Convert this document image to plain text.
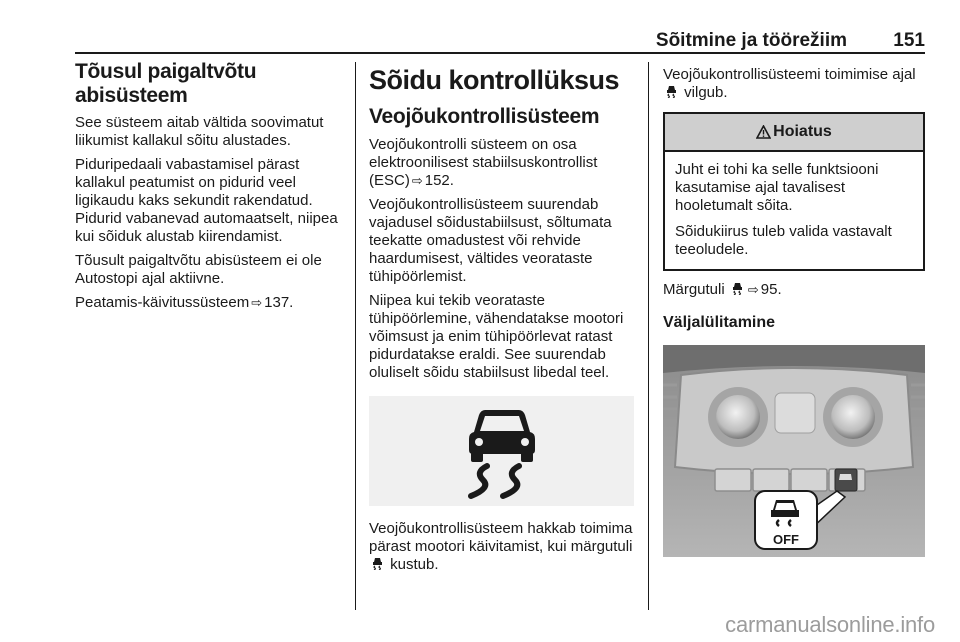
Sõitmine ja töörežiim 151
Tõusul paigaltvõtu
abisüsteem

See süsteem aitab vältida soovimatut liikumist kallakul sõitu alustades.

Piduripedaali vabastamisel pärast kallakul peatumist on pidurid veel ligikaudu kaks sekundit rakendatud. Pidurid vabanevad automaatselt, niipea kui sõiduk alustab kiirendamist.

Tõusult paigaltvõtu abisüsteem ei ole Autostopi ajal aktiivne.

Peatamis-käivitussüsteem ⇨ 137.

Sõidu kontrollüksus
Veojõukontrollisüsteem

Veojõukontrolli süsteem on osa elektroonilisest stabiilsuskontrollist (ESC) ⇨ 152.

Veojõukontrollisüsteem suurendab vajadusel sõidustabiilsust, sõltumata teekatte omadustest või rehvide haardumisest, vältides veorataste tühipöörlemist.

Niipea kui tekib veorataste tühipöörlemine, vähendatakse mootori võimsust ja enim tühipöörlevat ratast pidurdatakse eraldi. See suurendab oluliselt sõidu stabiilsust libedal teel.

Veojõukontrollisüsteem hakkab toimima pärast mootori käivitamist, kui märgutuli  kustub.

Veojõukontrollisüsteemi toimimise ajal  vilgub.

Hoiatus

Juht ei tohi ka selle funktsiooni kasutamise ajal tavalisest hooletumalt sõita.

Sõidukiirus tuleb valida vastavalt teeoludele.

Märgutuli ⇨ 95.

Väljalülitamine
OFF
carmanualsonline.info
